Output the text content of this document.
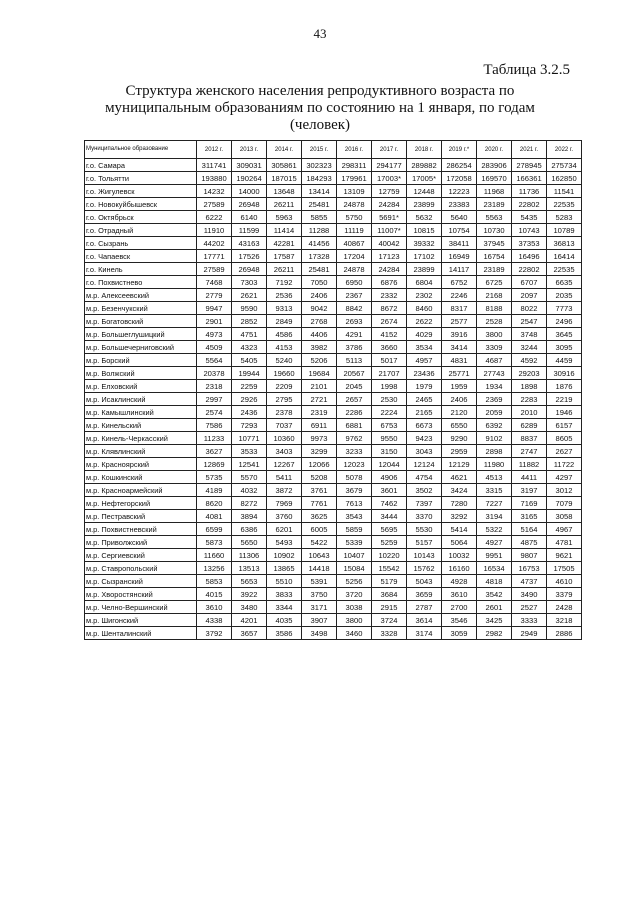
43
Таблица 3.2.5
Структура женского населения репродуктивного возраста по
муниципальным образованиям по состоянию на 1 января, по годам
(человек)
Муниципальное образование	2012 г.	2013 г.	2014 г.	2015 г.	2016 г.	2017 г.	2018 г.	2019 г.*	2020 г.	2021 г.	2022 г.
г.о. Самара	311741	309031	305861	302323	298311	294177	289882	286254	283906	278945	275734
г.о. Тольятти	193880	190264	187015	184293	179961	17003*	17005*	172058	169570	166361	162850
г.о. Жигулевск	14232	14000	13648	13414	13109	12759	12448	12223	11968	11736	11541
г.о. Новокуйбышевск	27589	26948	26211	25481	24878	24284	23899	23383	23189	22802	22535
г.о. Октябрьск	6222	6140	5963	5855	5750	5691*	5632	5640	5563	5435	5283
г.о. Отрадный	11910	11599	11414	11288	11119	11007*	10815	10754	10730	10743	10789
г.о. Сызрань	44202	43163	42281	41456	40867	40042	39332	38411	37945	37353	36813
г.о. Чапаевск	17771	17526	17587	17328	17204	17123	17102	16949	16754	16496	16414
г.о. Кинель	27589	26948	26211	25481	24878	24284	23899	14117	23189	22802	22535
г.о. Похвистнево	7468	7303	7192	7050	6950	6876	6804	6752	6725	6707	6635
м.р. Алексеевский	2779	2621	2536	2406	2367	2332	2302	2246	2168	2097	2035
м.р. Безенчукский	9947	9590	9313	9042	8842	8672	8460	8317	8188	8022	7773
м.р. Богатовский	2901	2852	2849	2768	2693	2674	2622	2577	2528	2547	2496
м.р. Большеглушицкий	4973	4751	4586	4406	4291	4152	4029	3916	3800	3748	3645
м.р. Большечерниговский	4509	4323	4153	3982	3786	3660	3534	3414	3309	3244	3095
м.р. Борский	5564	5405	5240	5206	5113	5017	4957	4831	4687	4592	4459
м.р. Волжский	20378	19944	19660	19684	20567	21707	23436	25771	27743	29203	30916
м.р. Елховский	2318	2259	2209	2101	2045	1998	1979	1959	1934	1898	1876
м.р. Исаклинский	2997	2926	2795	2721	2657	2530	2465	2406	2369	2283	2219
м.р. Камышлинский	2574	2436	2378	2319	2286	2224	2165	2120	2059	2010	1946
м.р. Кинельский	7586	7293	7037	6911	6881	6753	6673	6550	6392	6289	6157
м.р. Кинель-Черкасский	11233	10771	10360	9973	9762	9550	9423	9290	9102	8837	8605
м.р. Клявлинский	3627	3533	3403	3299	3233	3150	3043	2959	2898	2747	2627
м.р. Красноярский	12869	12541	12267	12066	12023	12044	12124	12129	11980	11882	11722
м.р. Кошкинский	5735	5570	5411	5208	5078	4906	4754	4621	4513	4411	4297
м.р. Красноармейский	4189	4032	3872	3761	3679	3601	3502	3424	3315	3197	3012
м.р. Нефтегорский	8620	8272	7969	7761	7613	7462	7397	7280	7227	7169	7079
м.р. Пестравский	4081	3894	3760	3625	3543	3444	3370	3292	3194	3165	3058
м.р. Похвистневский	6599	6386	6201	6005	5859	5695	5530	5414	5322	5164	4967
м.р. Приволжский	5873	5650	5493	5422	5339	5259	5157	5064	4927	4875	4781
м.р. Сергиевский	11660	11306	10902	10643	10407	10220	10143	10032	9951	9807	9621
м.р. Ставропольский	13256	13513	13865	14418	15084	15542	15762	16160	16534	16753	17505
м.р. Сызранский	5853	5653	5510	5391	5256	5179	5043	4928	4818	4737	4610
м.р. Хворостянский	4015	3922	3833	3750	3720	3684	3659	3610	3542	3490	3379
м.р. Челно-Вершинский	3610	3480	3344	3171	3038	2915	2787	2700	2601	2527	2428
м.р. Шигонский	4338	4201	4035	3907	3800	3724	3614	3546	3425	3333	3218
м.р. Шенталинский	3792	3657	3586	3498	3460	3328	3174	3059	2982	2949	2886
